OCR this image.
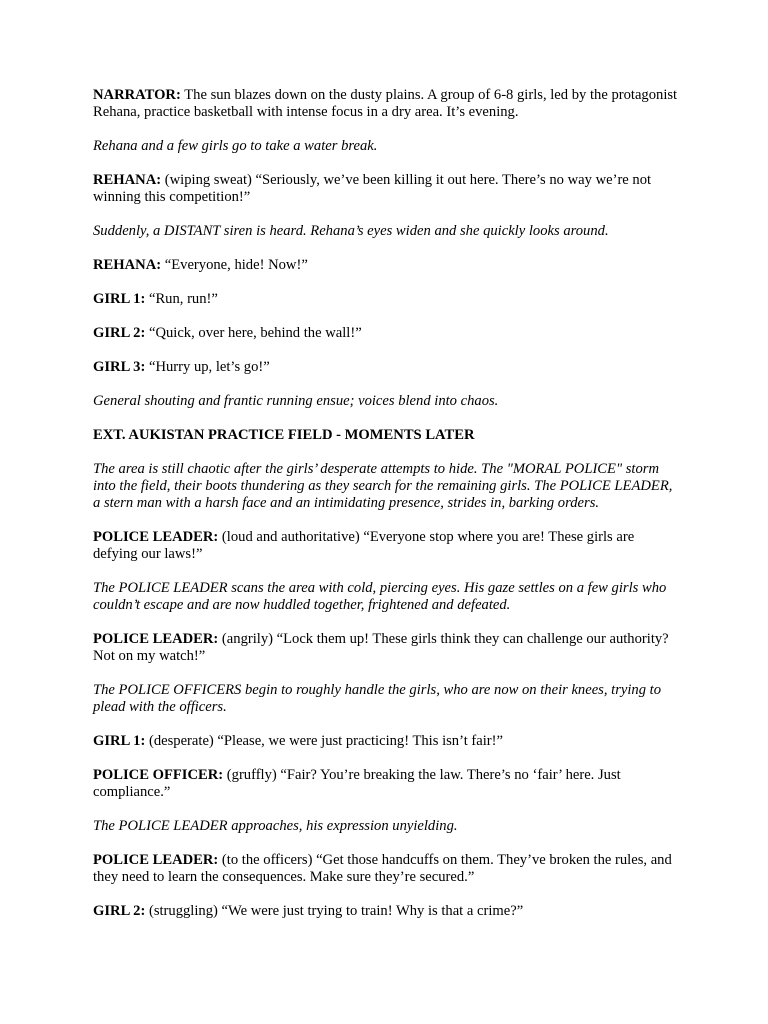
NARRATOR: The sun blazes down on the dusty plains. A group of 6-8 girls, led by the protagonist Rehana, practice basketball with intense focus in a dry area. It’s evening.

Rehana and a few girls go to take a water break.

REHANA: (wiping sweat) “Seriously, we’ve been killing it out here. There’s no way we’re not winning this competition!”

Suddenly, a DISTANT siren is heard. Rehana’s eyes widen and she quickly looks around.

REHANA: “Everyone, hide! Now!”

GIRL 1: “Run, run!”

GIRL 2: “Quick, over here, behind the wall!”

GIRL 3: “Hurry up, let’s go!”

General shouting and frantic running ensue; voices blend into chaos.

EXT. AUKISTAN PRACTICE FIELD - MOMENTS LATER

The area is still chaotic after the girls’ desperate attempts to hide. The "MORAL POLICE" storm into the field, their boots thundering as they search for the remaining girls. The POLICE LEADER, a stern man with a harsh face and an intimidating presence, strides in, barking orders.

POLICE LEADER: (loud and authoritative) “Everyone stop where you are! These girls are defying our laws!”

The POLICE LEADER scans the area with cold, piercing eyes. His gaze settles on a few girls who couldn’t escape and are now huddled together, frightened and defeated.

POLICE LEADER: (angrily) “Lock them up! These girls think they can challenge our authority? Not on my watch!”

The POLICE OFFICERS begin to roughly handle the girls, who are now on their knees, trying to plead with the officers.

GIRL 1: (desperate) “Please, we were just practicing! This isn’t fair!”

POLICE OFFICER: (gruffly) “Fair? You’re breaking the law. There’s no ‘fair’ here. Just compliance.”

The POLICE LEADER approaches, his expression unyielding.

POLICE LEADER: (to the officers) “Get those handcuffs on them. They’ve broken the rules, and they need to learn the consequences. Make sure they’re secured.”

GIRL 2: (struggling) “We were just trying to train! Why is that a crime?”
